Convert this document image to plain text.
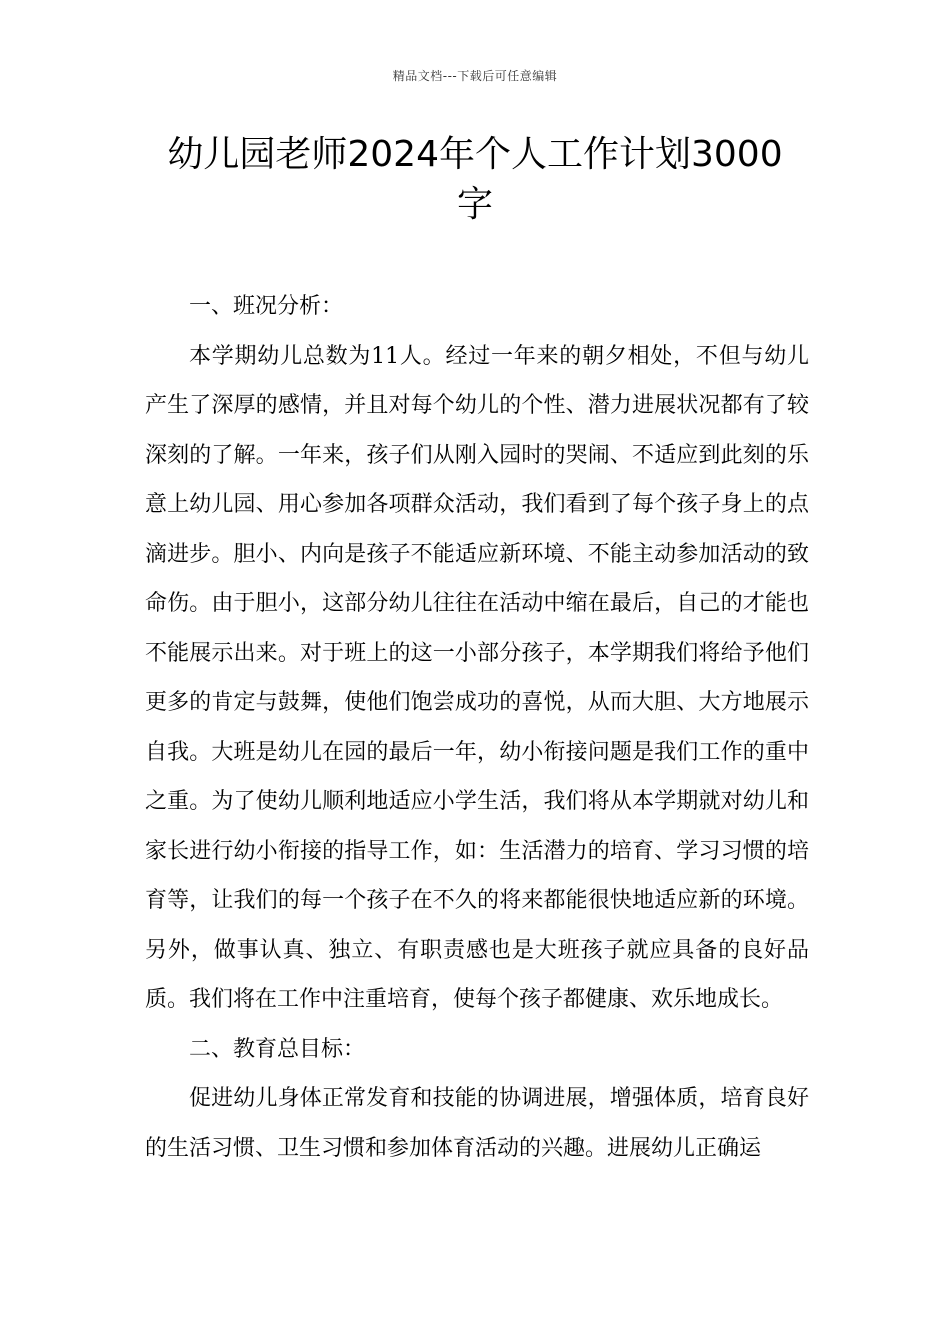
精品文档---下载后可任意编辑
幼儿园老师2024年个人工作计划3000字

一、班况分析：

本学期幼儿总数为11人。经过一年来的朝夕相处，不但与幼儿产生了深厚的感情，并且对每个幼儿的个性、潜力进展状况都有了较深刻的了解。一年来，孩子们从刚入园时的哭闹、不适应到此刻的乐意上幼儿园、用心参加各项群众活动，我们看到了每个孩子身上的点滴进步。胆小、内向是孩子不能适应新环境、不能主动参加活动的致命伤。由于胆小，这部分幼儿往往在活动中缩在最后，自己的才能也不能展示出来。对于班上的这一小部分孩子，本学期我们将给予他们更多的肯定与鼓舞，使他们饱尝成功的喜悦，从而大胆、大方地展示自我。大班是幼儿在园的最后一年，幼小衔接问题是我们工作的重中之重。为了使幼儿顺利地适应小学生活，我们将从本学期就对幼儿和家长进行幼小衔接的指导工作，如：生活潜力的培育、学习习惯的培育等，让我们的每一个孩子在不久的将来都能很快地适应新的环境。另外，做事认真、独立、有职责感也是大班孩子就应具备的良好品质。我们将在工作中注重培育，使每个孩子都健康、欢乐地成长。

二、教育总目标：

促进幼儿身体正常发育和技能的协调进展，增强体质，培育良好的生活习惯、卫生习惯和参加体育活动的兴趣。进展幼儿正确运
